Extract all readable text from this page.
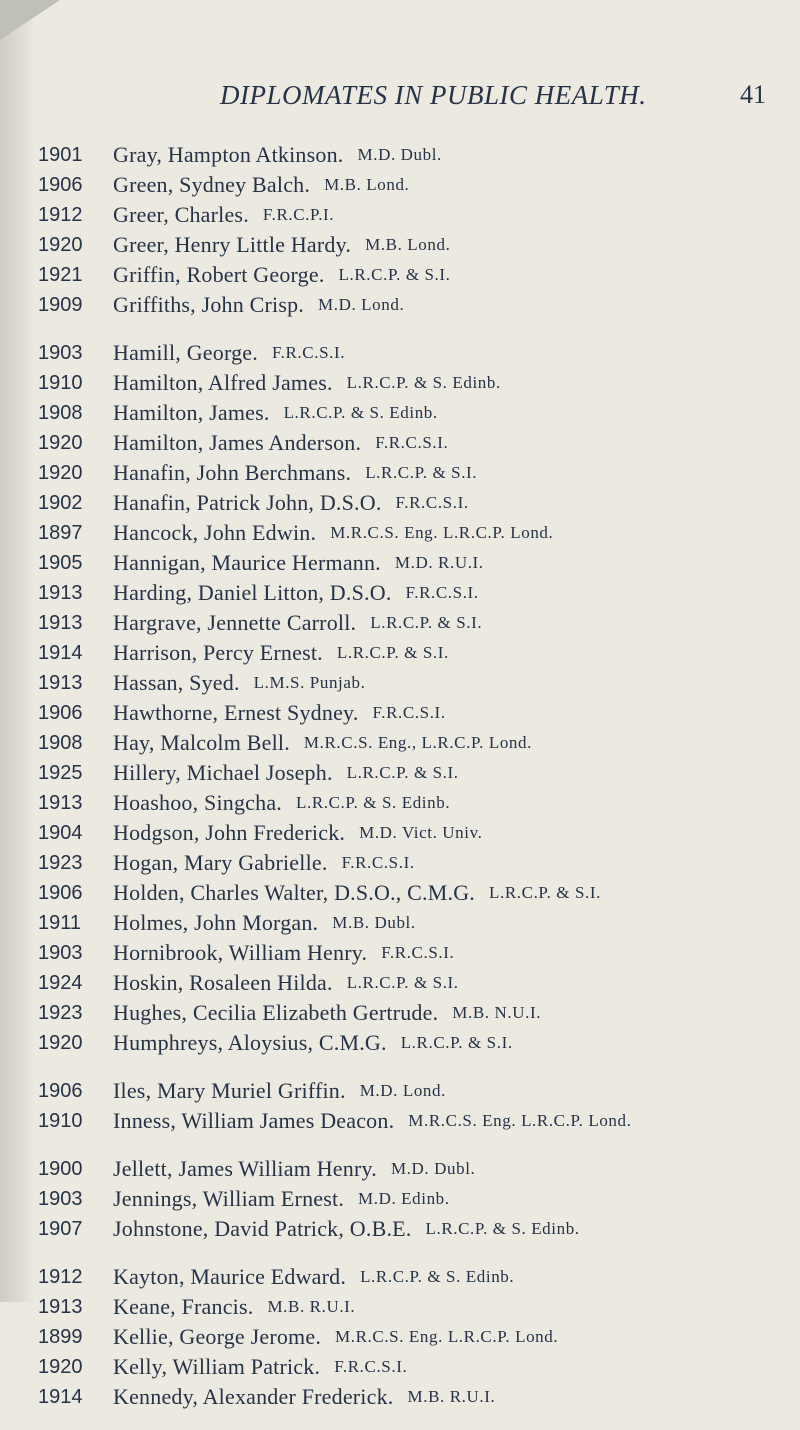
DIPLOMATES IN PUBLIC HEALTH.	41
1901	Gray, Hampton Atkinson. M.D. Dubl.
1906	Green, Sydney Balch. M.B. Lond.
1912	Greer, Charles. F.R.C.P.I.
1920	Greer, Henry Little Hardy. M.B. Lond.
1921	Griffin, Robert George. L.R.C.P. & S.I.
1909	Griffiths, John Crisp. M.D. Lond.
1903	Hamill, George. F.R.C.S.I.
1910	Hamilton, Alfred James. L.R.C.P. & S. Edinb.
1908	Hamilton, James. L.R.C.P. & S. Edinb.
1920	Hamilton, James Anderson. F.R.C.S.I.
1920	Hanafin, John Berchmans. L.R.C.P. & S.I.
1902	Hanafin, Patrick John, D.S.O. F.R.C.S.I.
1897	Hancock, John Edwin. M.R.C.S. Eng. L.R.C.P. Lond.
1905	Hannigan, Maurice Hermann. M.D. R.U.I.
1913	Harding, Daniel Litton, D.S.O. F.R.C.S.I.
1913	Hargrave, Jennette Carroll. L.R.C.P. & S.I.
1914	Harrison, Percy Ernest. L.R.C.P. & S.I.
1913	Hassan, Syed. L.M.S. Punjab.
1906	Hawthorne, Ernest Sydney. F.R.C.S.I.
1908	Hay, Malcolm Bell. M.R.C.S. Eng., L.R.C.P. Lond.
1925	Hillery, Michael Joseph. L.R.C.P. & S.I.
1913	Hoashoo, Singcha. L.R.C.P. & S. Edinb.
1904	Hodgson, John Frederick. M.D. Vict. Univ.
1923	Hogan, Mary Gabrielle. F.R.C.S.I.
1906	Holden, Charles Walter, D.S.O., C.M.G. L.R.C.P. & S.I.
1911	Holmes, John Morgan. M.B. Dubl.
1903	Hornibrook, William Henry. F.R.C.S.I.
1924	Hoskin, Rosaleen Hilda. L.R.C.P. & S.I.
1923	Hughes, Cecilia Elizabeth Gertrude. M.B. N.U.I.
1920	Humphreys, Aloysius, C.M.G. L.R.C.P. & S.I.
1906	Iles, Mary Muriel Griffin. M.D. Lond.
1910	Inness, William James Deacon. M.R.C.S. Eng. L.R.C.P. Lond.
1900	Jellett, James William Henry. M.D. Dubl.
1903	Jennings, William Ernest. M.D. Edinb.
1907	Johnstone, David Patrick, O.B.E. L.R.C.P. & S. Edinb.
1912	Kayton, Maurice Edward. L.R.C.P. & S. Edinb.
1913	Keane, Francis. M.B. R.U.I.
1899	Kellie, George Jerome. M.R.C.S. Eng. L.R.C.P. Lond.
1920	Kelly, William Patrick. F.R.C.S.I.
1914	Kennedy, Alexander Frederick. M.B. R.U.I.
